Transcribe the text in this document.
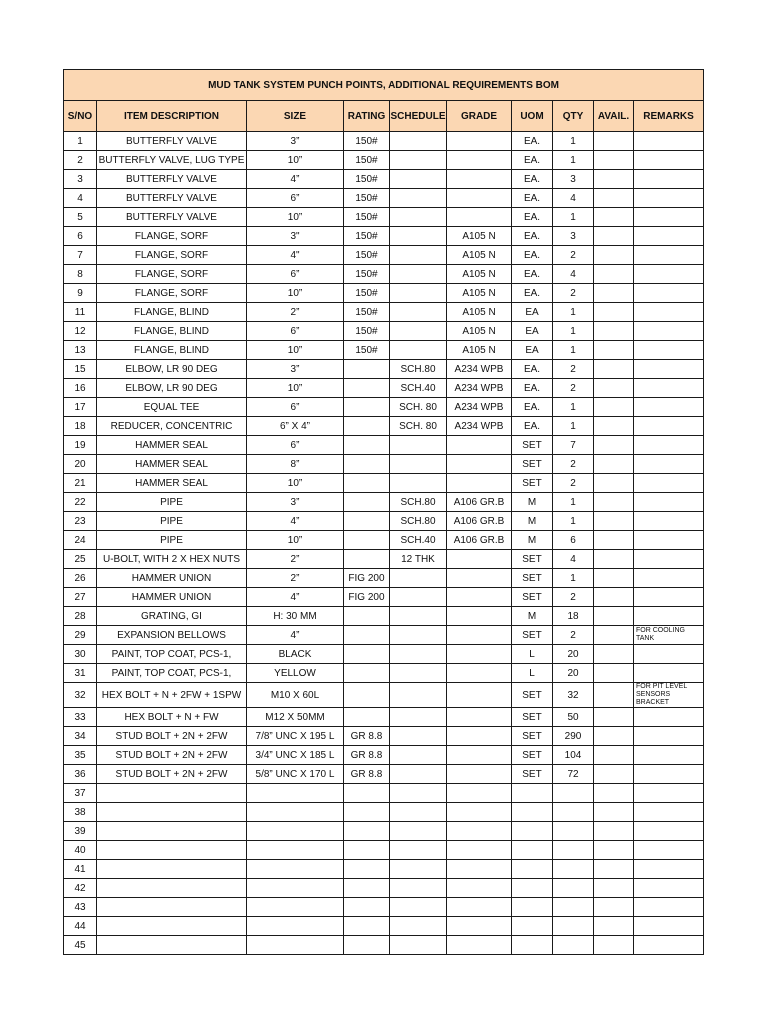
MUD TANK SYSTEM PUNCH POINTS, ADDITIONAL REQUIREMENTS BOM									
S/NO	ITEM DESCRIPTION	SIZE	RATING	SCHEDULE	GRADE	UOM	QTY	AVAIL.	REMARKS
1	BUTTERFLY VALVE	3”	150#			EA.	1		
2	BUTTERFLY VALVE, LUG TYPE	10”	150#			EA.	1		
3	BUTTERFLY VALVE	4”	150#			EA.	3		
4	BUTTERFLY VALVE	6”	150#			EA.	4		
5	BUTTERFLY VALVE	10”	150#			EA.	1		
6	FLANGE, SORF	3"	150#		A105 N	EA.	3		
7	FLANGE, SORF	4"	150#		A105 N	EA.	2		
8	FLANGE, SORF	6”	150#		A105 N	EA.	4		
9	FLANGE, SORF	10”	150#		A105 N	EA.	2		
11	FLANGE, BLIND	2”	150#		A105 N	EA	1		
12	FLANGE, BLIND	6”	150#		A105 N	EA	1		
13	FLANGE, BLIND	10”	150#		A105 N	EA	1		
15	ELBOW, LR 90 DEG	3”		SCH.80	A234 WPB	EA.	2		
16	ELBOW, LR 90 DEG	10”		SCH.40	A234 WPB	EA.	2		
17	EQUAL TEE	6”		SCH. 80	A234 WPB	EA.	1		
18	REDUCER, CONCENTRIC	6” X 4”		SCH. 80	A234 WPB	EA.	1		
19	HAMMER SEAL	6”				SET	7		
20	HAMMER SEAL	8”				SET	2		
21	HAMMER SEAL	10”				SET	2		
22	PIPE	3”		SCH.80	A106 GR.B	M	1		
23	PIPE	4”		SCH.80	A106 GR.B	M	1		
24	PIPE	10”		SCH.40	A106 GR.B	M	6		
25	U-BOLT, WITH 2 X HEX NUTS	2”		12 THK		SET	4		
26	HAMMER UNION	2”	FIG 200			SET	1		
27	HAMMER UNION	4”	FIG 200			SET	2		
28	GRATING, GI	H: 30 MM				M	18		
29	EXPANSION BELLOWS	4”				SET	2		FOR COOLING TANK
30	PAINT, TOP COAT, PCS-1,	BLACK				L	20		
31	PAINT, TOP COAT, PCS-1,	YELLOW				L	20		
32	HEX BOLT + N + 2FW + 1SPW	M10 X 60L				SET	32		FOR PIT LEVEL SENSORS BRACKET
33	HEX BOLT + N + FW	M12 X 50MM				SET	50		
34	STUD BOLT + 2N + 2FW	7/8” UNC X 195 L	GR 8.8			SET	290		
35	STUD BOLT + 2N + 2FW	3/4” UNC X 185 L	GR 8.8			SET	104		
36	STUD BOLT + 2N + 2FW	5/8” UNC X 170 L	GR 8.8			SET	72		
37									
38									
39									
40									
41									
42									
43									
44									
45									
